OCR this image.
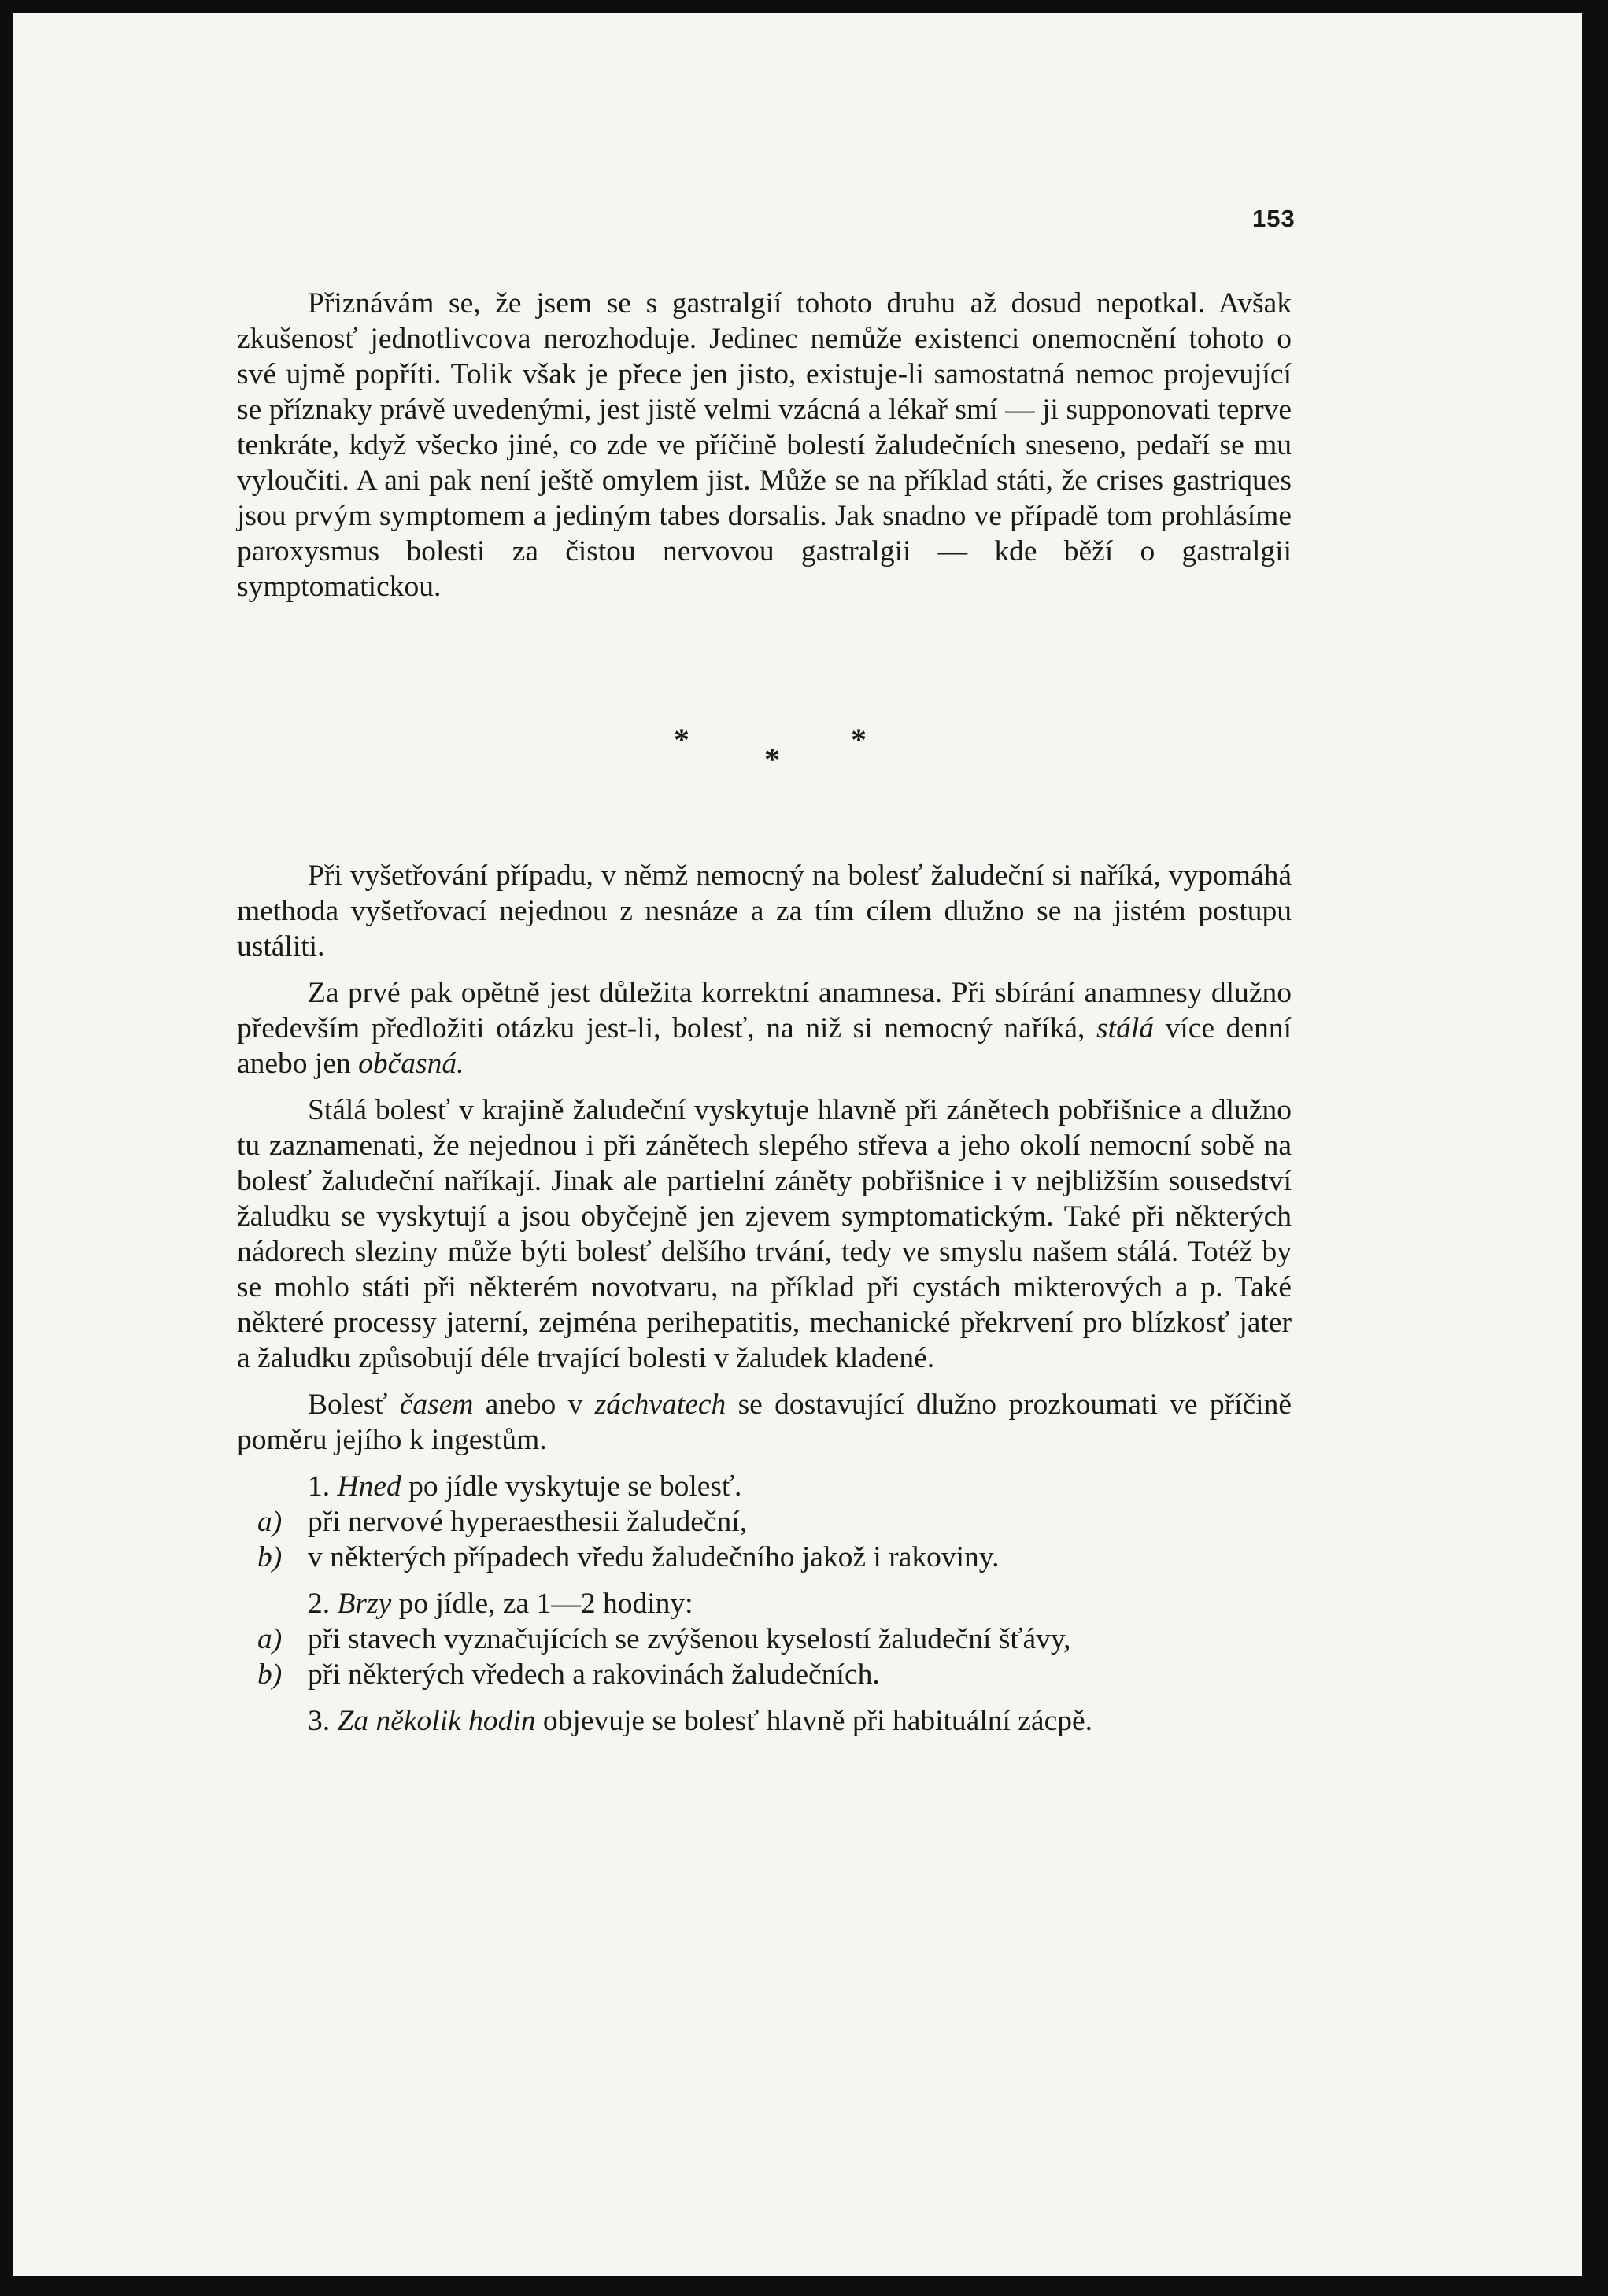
153

Přiznávám se, že jsem se s gastralgií tohoto druhu až dosud nepotkal. Avšak zkušenosť jednotlivcova nerozhoduje. Jedinec nemůže existenci onemocnění tohoto o své ujmě popříti. Tolik však je přece jen jisto, existuje-li samostatná nemoc projevující se příznaky právě uvedenými, jest jistě velmi vzácná a lékař smí — ji supponovati teprve tenkráte, když všecko jiné, co zde ve příčině bolestí žaludečních sneseno, pedaří se mu vyloučiti. A ani pak není ještě omylem jist. Může se na příklad státi, že crises gastriques jsou prvým symptomem a jediným tabes dorsalis. Jak snadno ve případě tom prohlásíme paroxysmus bolesti za čistou nervovou gastralgii — kde běží o gastralgii symptomatickou.

*
*
*

Při vyšetřování případu, v němž nemocný na bolesť žaludeční si naříká, vypomáhá methoda vyšetřovací nejednou z nesnáze a za tím cílem dlužno se na jistém postupu ustáliti.

Za prvé pak opětně jest důležita korrektní anamnesa. Při sbírání anamnesy dlužno především předložiti otázku jest-li, bolesť, na niž si nemocný naříká, stálá více denní anebo jen občasná.

Stálá bolesť v krajině žaludeční vyskytuje hlavně při zánětech pobřišnice a dlužno tu zaznamenati, že nejednou i při zánětech slepého střeva a jeho okolí nemocní sobě na bolesť žaludeční naříkají. Jinak ale partielní záněty pobřišnice i v nejbližším sousedství žaludku se vyskytují a jsou obyčejně jen zjevem symptomatickým. Také při některých nádorech sleziny může býti bolesť delšího trvání, tedy ve smyslu našem stálá. Totéž by se mohlo státi při některém novotvaru, na příklad při cystách mikterových a p. Také některé processy jaterní, zejména perihepatitis, mechanické překrvení pro blízkosť jater a žaludku způsobují déle trvající bolesti v žaludek kladené.

Bolesť časem anebo v záchvatech se dostavující dlužno prozkoumati ve příčině poměru jejího k ingestům.

1. Hned po jídle vyskytuje se bolesť.

a) při nervové hyperaesthesii žaludeční,

b) v některých případech vředu žaludečního jakož i rakoviny.

2. Brzy po jídle, za 1—2 hodiny:

a) při stavech vyznačujících se zvýšenou kyselostí žaludeční šťávy,

b) při některých vředech a rakovinách žaludečních.

3. Za několik hodin objevuje se bolesť hlavně při habituální zácpě.
